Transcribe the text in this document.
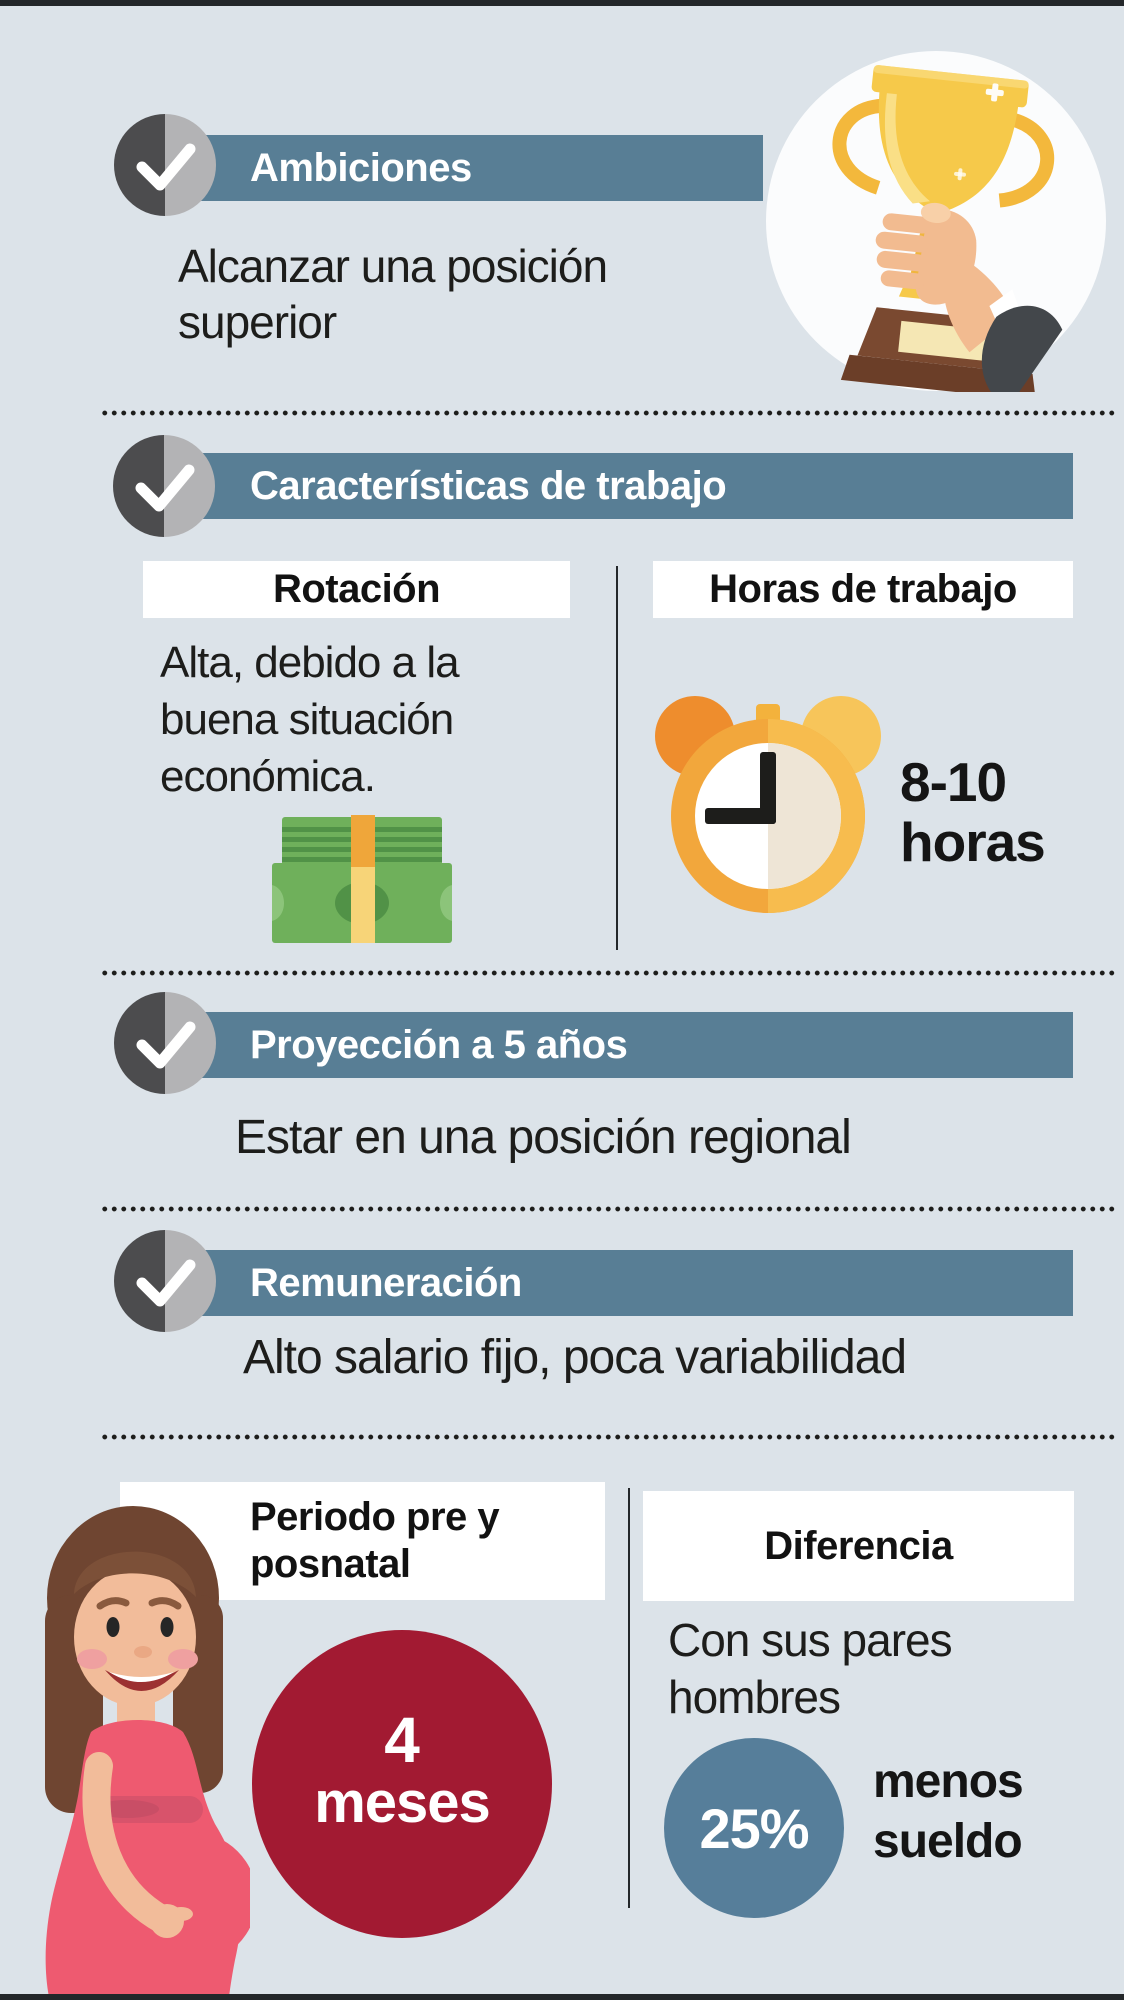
Ambiciones
Alcanzar una posición
superior
Características de trabajo
Rotación	Horas de trabajo
Alta, debido a la
buena situación
económica.	8-10
horas
Proyección a 5 años
Estar en una posición regional
Remuneración
Alto salario fijo, poca variabilidad
Periodo pre y
posnatal
4
meses
Diferencia
Con sus pares
hombres
25%
menos
sueldo
